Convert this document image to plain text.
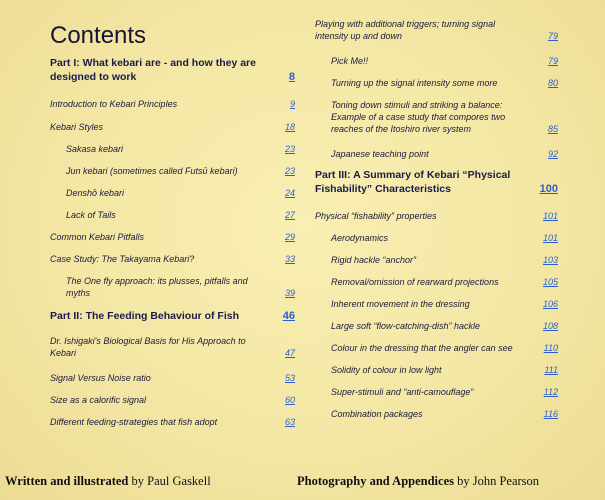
Contents
Part I: What kebari are - and how they are designed to work	8
Introduction to Kebari Principles	9
Kebari Styles	18
Sakasa kebari	23
Jun kebari (sometimes called Futsū kebari)	23
Denshō kebari	24
Lack of Tails	27
Common Kebari Pitfalls	29
Case Study: The Takayama Kebari?	33
The One fly approach: its plusses, pitfalls and myths	39
Part II: The Feeding Behaviour of Fish	46
Dr. Ishigaki's Biological Basis for His Approach to Kebari	47
Signal Versus Noise ratio	53
Size as a calorific signal	60
Different feeding-strategies that fish adopt	63
Playing with additional triggers; turning signal intensity up and down	79
Pick Me!!	79
Turning up the signal intensity some more	80
Toning down stimuli and striking a balance: Example of a case study that compores two reaches of the Itoshiro river system	85
Japanese teaching point	92
Part III: A Summary of Kebari “Physical Fishability” Characteristics	100
Physical “fishability” properties	101
Aerodynamics	101
Rigid hackle “anchor”	103
Removal/omission of rearward projections	105
Inherent movement in the dressing	106
Large soft “flow-catching-dish” hackle	108
Colour in the dressing that the angler can see	110
Solidity of colour in low light	111
Super-stimuli and “anti-camouflage”	112
Combination packages	116
Written and illustrated by Paul Gaskell	Photography and Appendices by John Pearson
